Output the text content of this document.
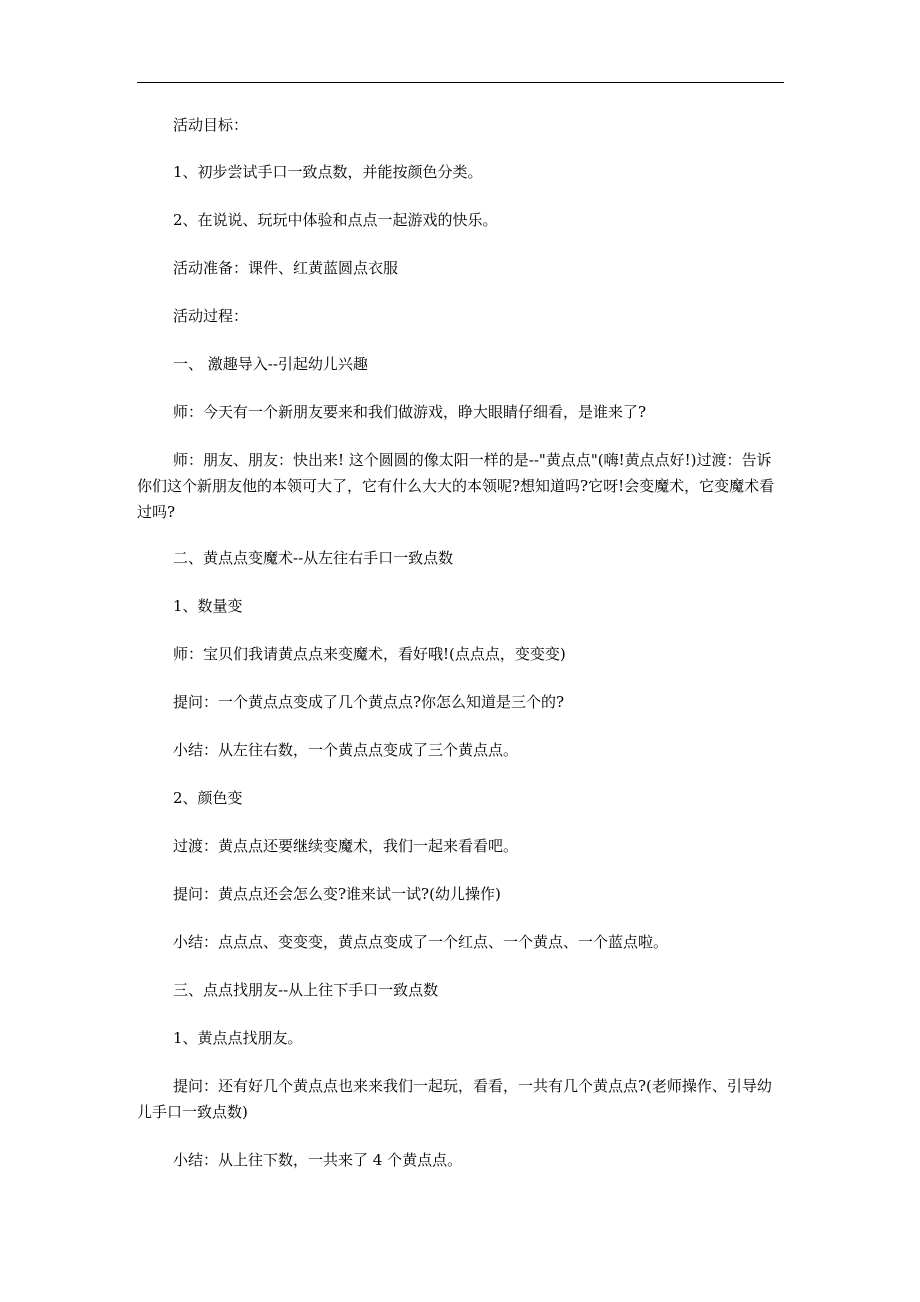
活动目标：

1、初步尝试手口一致点数，并能按颜色分类。

2、在说说、玩玩中体验和点点一起游戏的快乐。

活动准备：课件、红黄蓝圆点衣服

活动过程：

一、 激趣导入--引起幼儿兴趣

师：今天有一个新朋友要来和我们做游戏，睁大眼睛仔细看，是谁来了?

师：朋友、朋友：快出来! 这个圆圆的像太阳一样的是--"黄点点"(嗨!黄点点好!)过渡：告诉你们这个新朋友他的本领可大了，它有什么大大的本领呢?想知道吗?它呀!会变魔术，它变魔术看过吗?

二、黄点点变魔术--从左往右手口一致点数

1、数量变

师：宝贝们我请黄点点来变魔术，看好哦!(点点点，变变变)

提问：一个黄点点变成了几个黄点点?你怎么知道是三个的?

小结：从左往右数，一个黄点点变成了三个黄点点。

2、颜色变

过渡：黄点点还要继续变魔术，我们一起来看看吧。

提问：黄点点还会怎么变?谁来试一试?(幼儿操作)

小结：点点点、变变变，黄点点变成了一个红点、一个黄点、一个蓝点啦。

三、点点找朋友--从上往下手口一致点数

1、黄点点找朋友。

提问：还有好几个黄点点也来来我们一起玩，看看，一共有几个黄点点?(老师操作、引导幼儿手口一致点数)

小结：从上往下数，一共来了 4 个黄点点。
